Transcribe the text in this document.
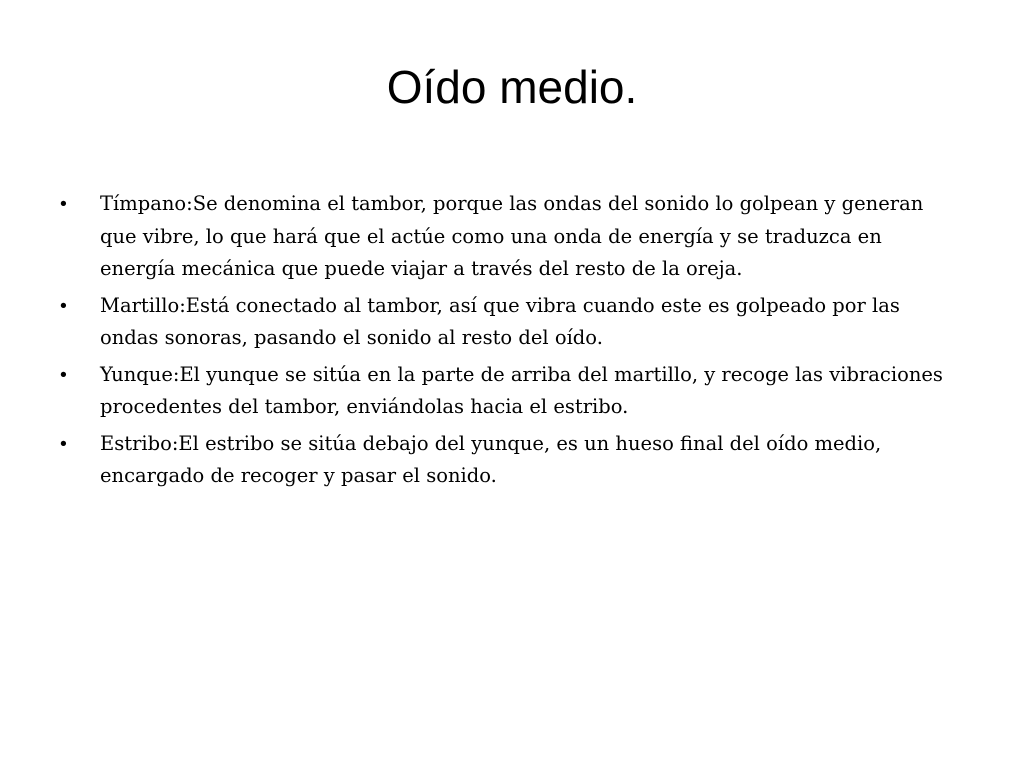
Oído medio.
• Tímpano:Se denomina el tambor, porque las ondas del sonido lo golpean y generan que vibre, lo que hará que el actúe como una onda de energía y se traduzca en energía mecánica que puede viajar a través del resto de la oreja.
• Martillo:Está conectado al tambor, así que vibra cuando este es golpeado por las ondas sonoras, pasando el sonido al resto del oído.
• Yunque:El yunque se sitúa en la parte de arriba del martillo, y recoge las vibraciones procedentes del tambor, enviándolas hacia el estribo.
• Estribo:El estribo se sitúa debajo del yunque, es un hueso final del oído medio, encargado de recoger y pasar el sonido.
